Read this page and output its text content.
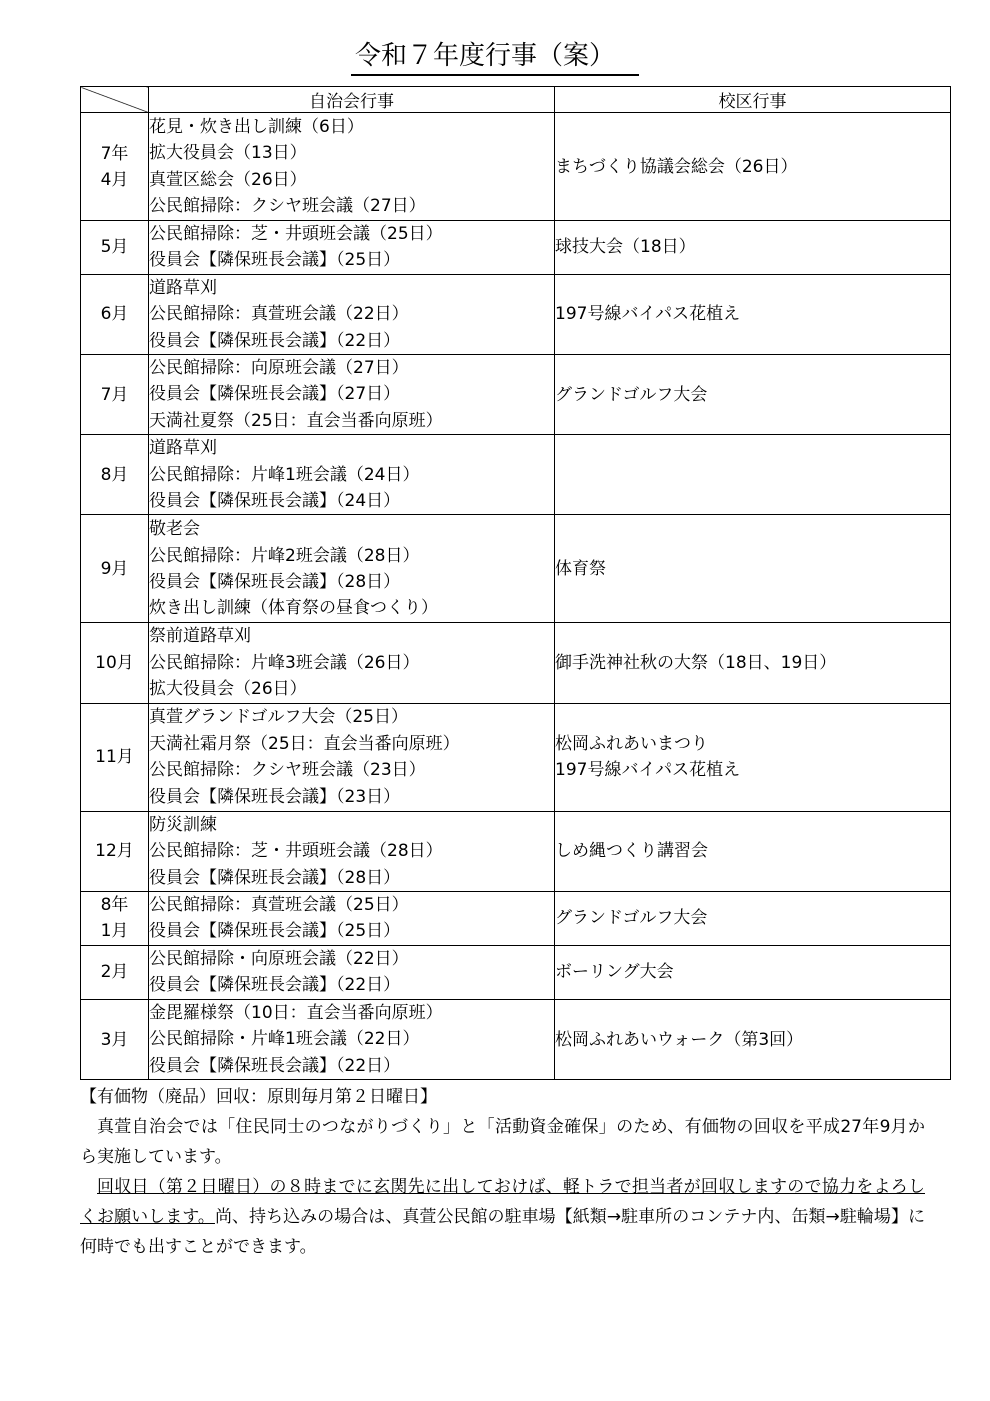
令和７年度行事（案）
	自治会行事	校区行事

7年
4月	花見・炊き出し訓練（6日）
拡大役員会（13日）
真萱区総会（26日）
公民館掃除：クシヤ班会議（27日）	まちづくり協議会総会（26日）

5月	公民館掃除：芝・井頭班会議（25日）
役員会【隣保班長会議】（25日）	球技大会（18日）

6月	道路草刈
公民館掃除：真萱班会議（22日）
役員会【隣保班長会議】（22日）	197号線バイパス花植え

7月	公民館掃除：向原班会議（27日）
役員会【隣保班長会議】（27日）
天満社夏祭（25日：直会当番向原班）	グランドゴルフ大会

8月	道路草刈
公民館掃除：片峰1班会議（24日）
役員会【隣保班長会議】（24日）	

9月	敬老会
公民館掃除：片峰2班会議（28日）
役員会【隣保班長会議】（28日）
炊き出し訓練（体育祭の昼食つくり）	体育祭

10月	祭前道路草刈
公民館掃除：片峰3班会議（26日）
拡大役員会（26日）	御手洗神社秋の大祭（18日、19日）

11月	真萱グランドゴルフ大会（25日）
天満社霜月祭（25日：直会当番向原班）
公民館掃除：クシヤ班会議（23日）
役員会【隣保班長会議】（23日）	松岡ふれあいまつり
197号線バイパス花植え

12月	防災訓練
公民館掃除：芝・井頭班会議（28日）
役員会【隣保班長会議】（28日）	しめ縄つくり講習会

8年
1月	公民館掃除：真萱班会議（25日）
役員会【隣保班長会議】（25日）	グランドゴルフ大会

2月	公民館掃除・向原班会議（22日）
役員会【隣保班長会議】（22日）	ボーリング大会

3月	金毘羅様祭（10日：直会当番向原班）
公民館掃除・片峰1班会議（22日）
役員会【隣保班長会議】（22日）	松岡ふれあいウォーク（第3回）

【有価物（廃品）回収：原則毎月第２日曜日】

真萱自治会では「住民同士のつながりづくり」と「活動資金確保」のため、有価物の回収を平成27年9月から実施しています。

回収日（第２日曜日）の８時までに玄関先に出しておけば、軽トラで担当者が回収しますので協力をよろしくお願いします。尚、持ち込みの場合は、真萱公民館の駐車場【紙類→駐車所のコンテナ内、缶類→駐輪場】に何時でも出すことができます。
